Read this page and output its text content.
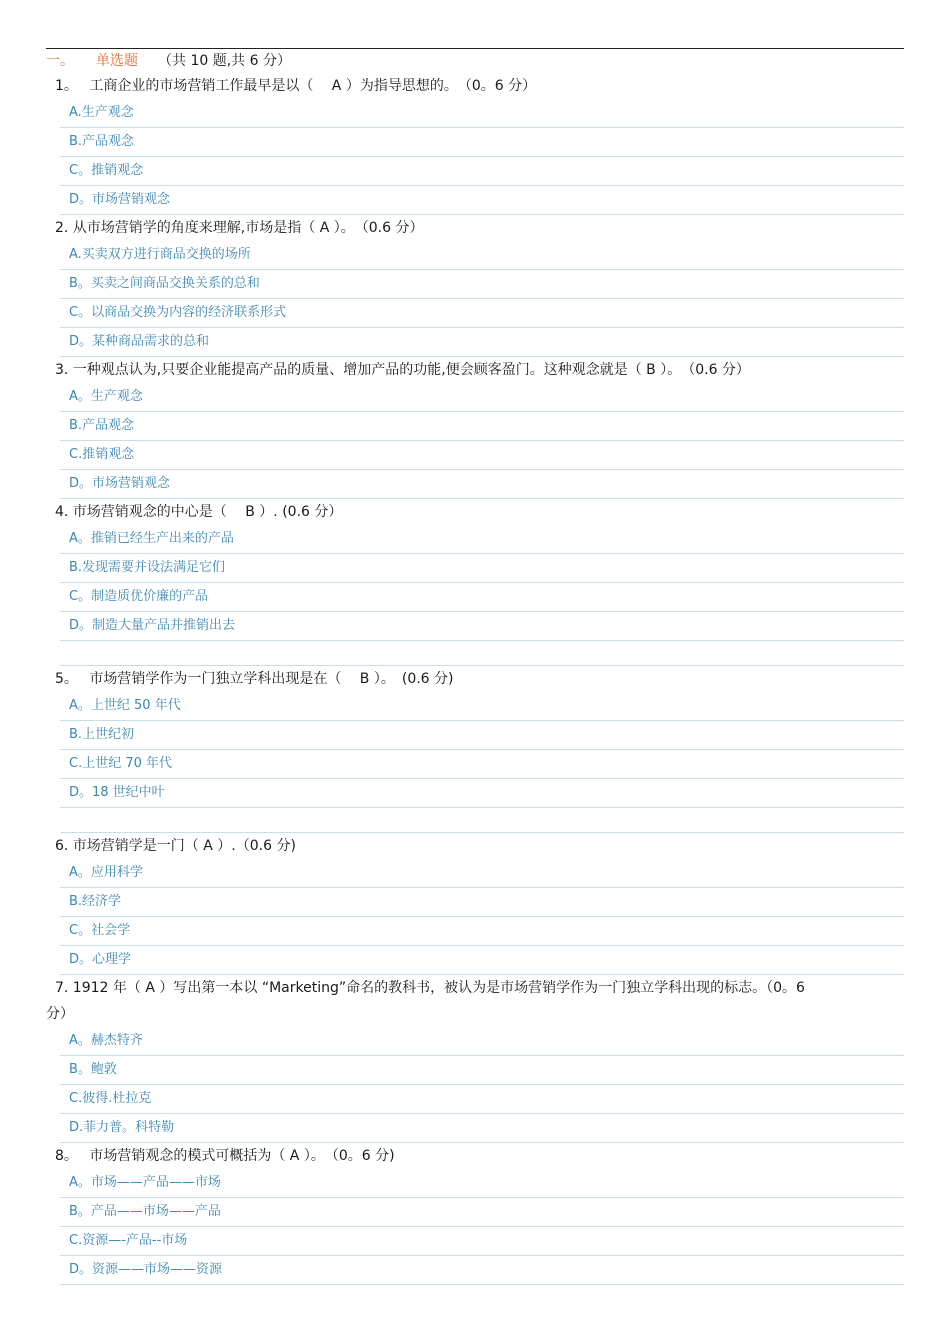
一。 单选题 （共 10 题,共 6 分）
1。　 工商企业的市场营销工作最早是以（　 A ）为指导思想的。　（0。6 分）
A.生产观念
B.产品观念
C。推销观念
D。市场营销观念
2. 从市场营销学的角度来理解,市场是指（ A ）。　（0.6 分）
A.买卖双方进行商品交换的场所
B。买卖之间商品交换关系的总和
C。以商品交换为内容的经济联系形式
D。某种商品需求的总和
3. 一种观点认为,只要企业能提高产品的质量、增加产品的功能,便会顾客盈门。这种观念就是（ B ）。　（0.6 分）
A。生产观念
B.产品观念
C.推销观念
D。市场营销观念
4. 市场营销观念的中心是（　 B ）. (0.6 分）
A。推销已经生产出来的产品
B.发现需要并设法满足它们
C。制造质优价廉的产品
D。制造大量产品并推销出去
5。　 市场营销学作为一门独立学科出现是在（　 B ）。　(0.6 分)
A。上世纪 50 年代
B.上世纪初
C.上世纪 70 年代
D。18 世纪中叶
6. 市场营销学是一门（ A ）.（0.6 分)
A。应用科学
B.经济学
C。社会学
D。心理学
7. 1912 年（ A ）写出第一本以 “Marketing”命名的教科书，被认为是市场营销学作为一门独立学科出现的标志。（0。6
分）
A。赫杰特齐
B。鲍敦
C.彼得.杜拉克
D.菲力普。科特勒
8。　 市场营销观念的模式可概括为（ A ）。　（0。6 分)
A。市场——产品——市场
B。产品——市场——产品
C.资源—-产品--市场
D。资源——市场——资源
